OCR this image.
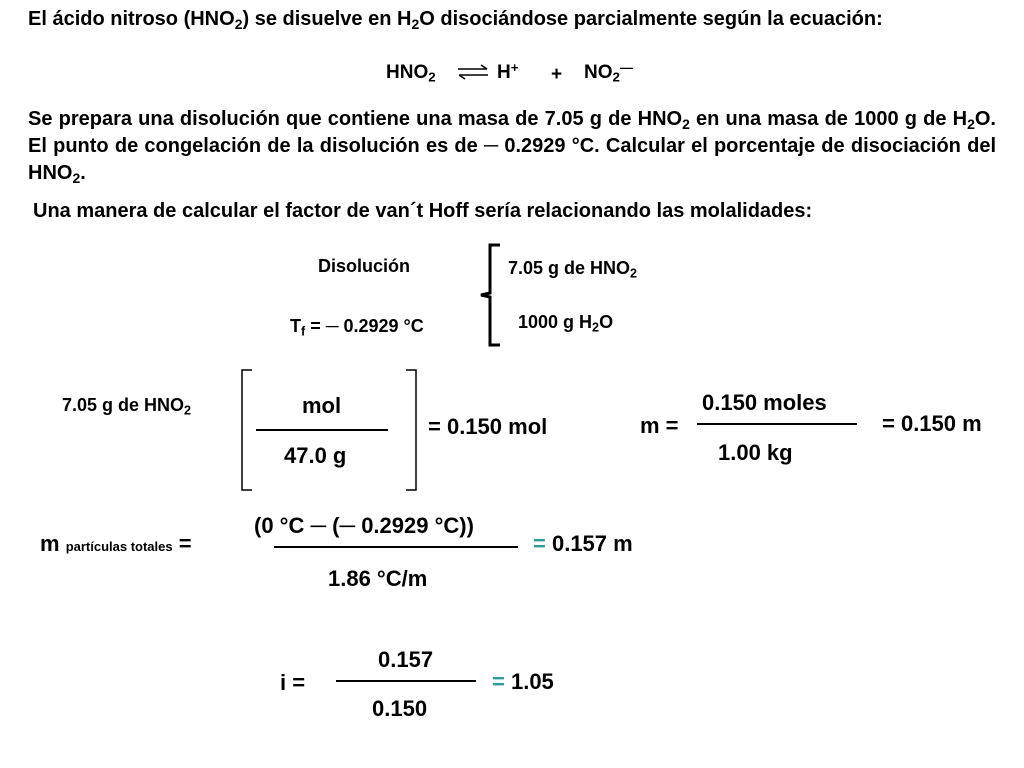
El ácido nitroso $(HNO_2)$ se disuelve en $H_2O$ disociándose parcialmente según la ecuación:
$HNO_2$ ⇌ $H^+ + NO_2^—$
Se prepara una disolución que contiene una masa de 7.05 g de $HNO_2$ en una masa de 1000 g de $H_2O$. El punto de congelación de la disolución es de ─ 0.2929 °C. Calcular el porcentaje de disociación del $HNO_2$.
Una manera de calcular el factor de van´t Hoff sería relacionando las molalidades:
Disolución
$T_f$ = ─ 0.2929 °C
7.05 g de $HNO_2$
1000 g $H_2O$
7.05 g de $HNO_2$	mol
47.0 g
= 0.150 mol	m =
0.150 moles
1.00 kg
= 0.150 m
m partículas totales =
(0 °C ─ (─ 0.2929 °C))
1.86 °C/m
= 0.157 m
i =
0.157
0.150
= 1.05
